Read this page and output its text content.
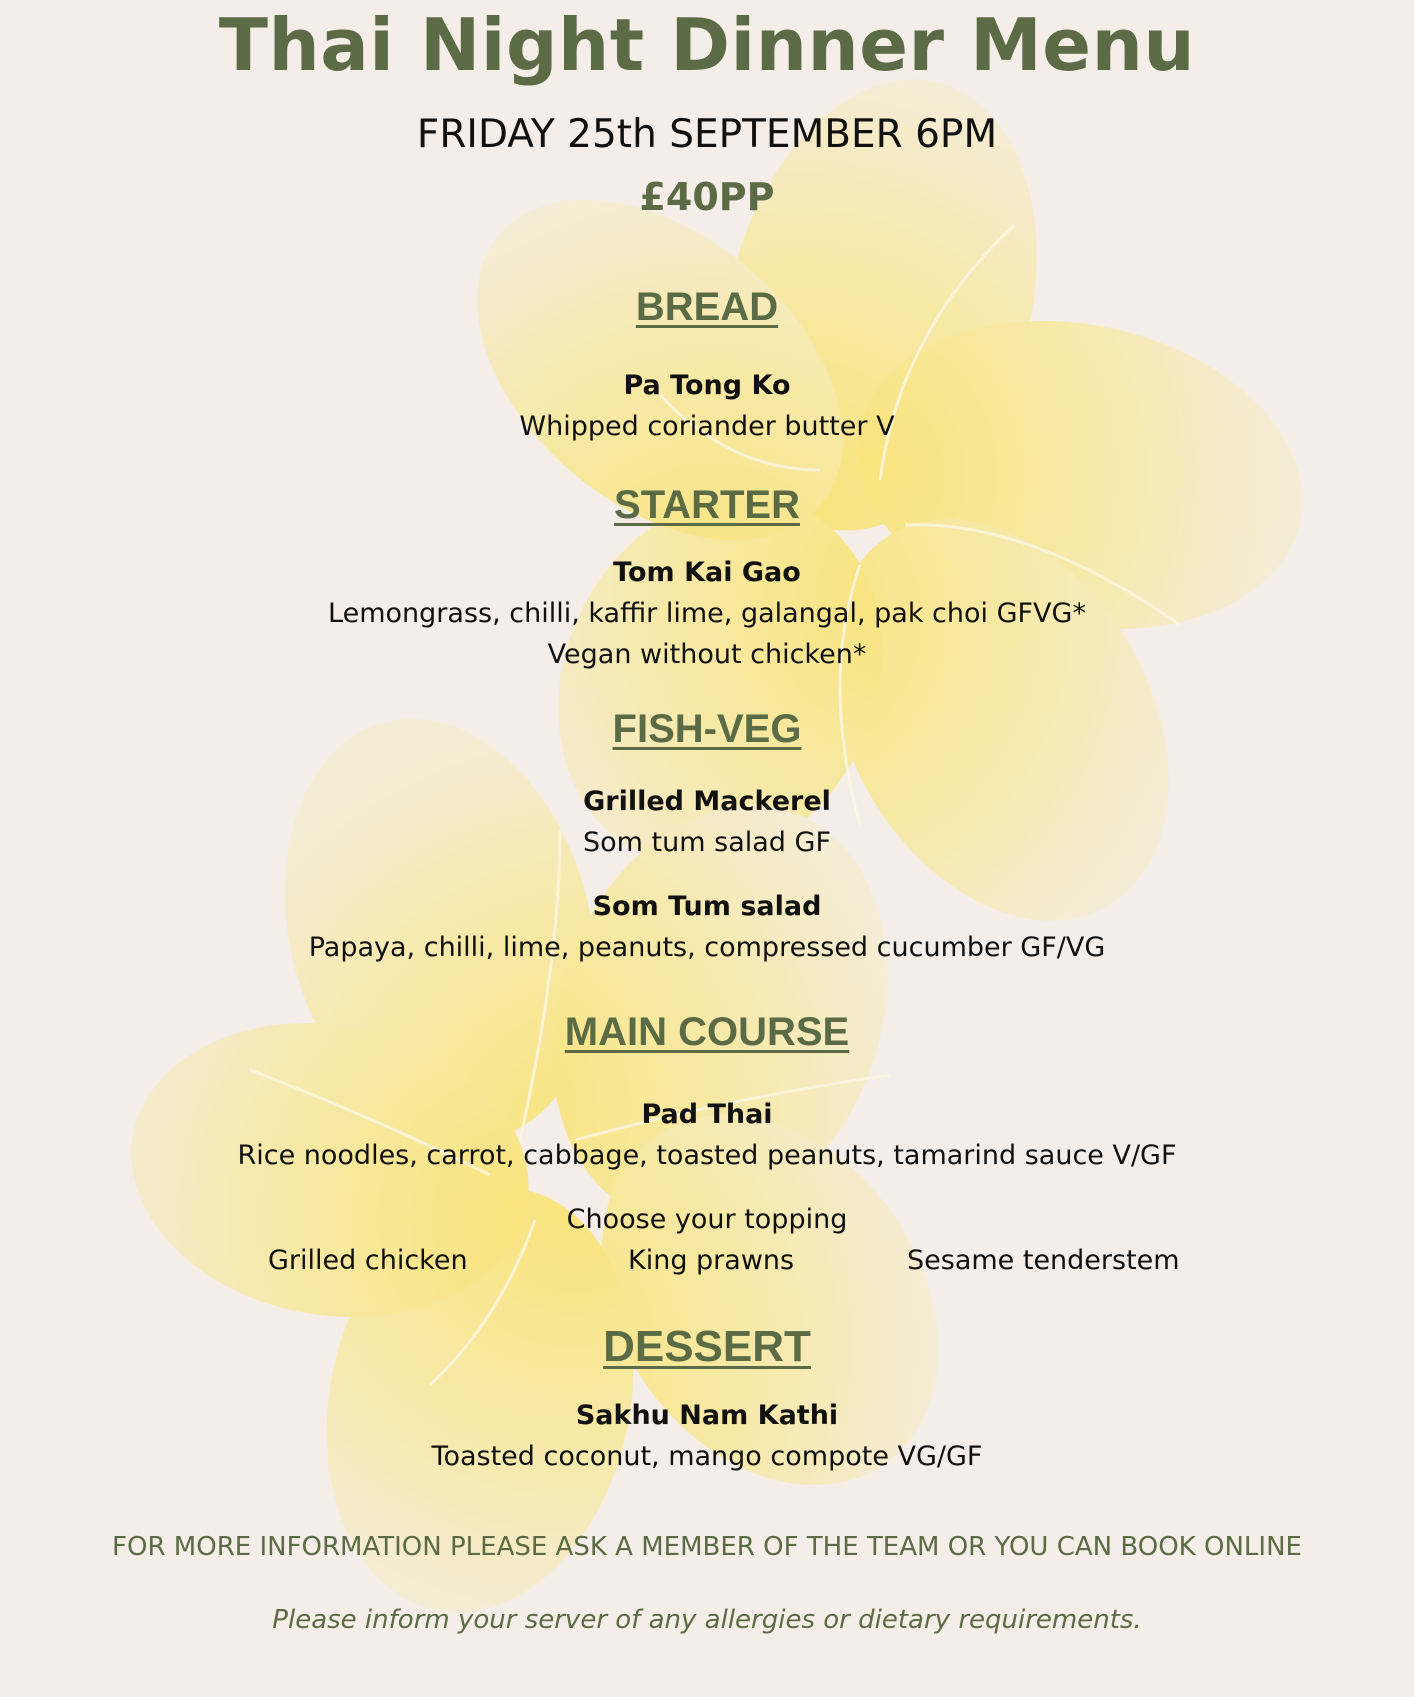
Thai Night Dinner Menu
FRIDAY 25th SEPTEMBER 6PM
£40PP
BREAD
Pa Tong Ko
Whipped coriander butter V
STARTER
Tom Kai Gao
Lemongrass, chilli, kaffir lime, galangal, pak choi GFVG*
Vegan without chicken*
FISH-VEG
Grilled Mackerel
Som tum salad GF
Som Tum salad
Papaya, chilli, lime, peanuts, compressed cucumber GF/VG
MAIN COURSE
Pad Thai
Rice noodles, carrot, cabbage, toasted peanuts, tamarind sauce V/GF
Choose your topping
Grilled chicken	King prawns	Sesame tenderstem
DESSERT
Sakhu Nam Kathi
Toasted coconut, mango compote VG/GF
FOR MORE INFORMATION PLEASE ASK A MEMBER OF THE TEAM OR YOU CAN BOOK ONLINE
Please inform your server of any allergies or dietary requirements.
